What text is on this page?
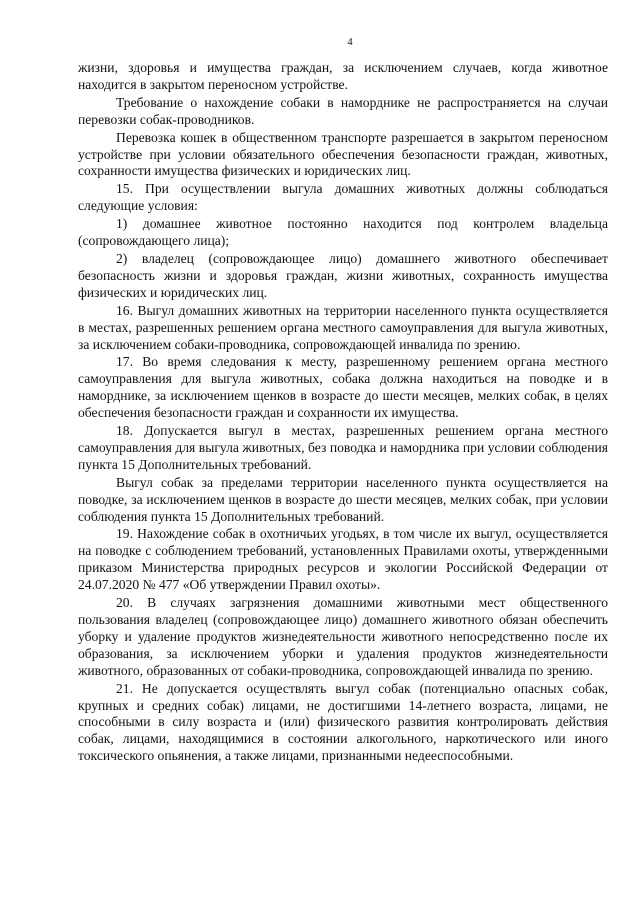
4

жизни, здоровья и имущества граждан, за исключением случаев, когда животное находится в закрытом переносном устройстве.

Требование о нахождение собаки в наморднике не распространяется на случаи перевозки собак-проводников.

Перевозка кошек в общественном транспорте разрешается в закрытом переносном устройстве при условии обязательного обеспечения безопасности граждан, животных, сохранности имущества физических и юридических лиц.

15. При осуществлении выгула домашних животных должны соблюдаться следующие условия:

1) домашнее животное постоянно находится под контролем владельца (сопровождающего лица);

2) владелец (сопровождающее лицо) домашнего животного обеспечивает безопасность жизни и здоровья граждан, жизни животных, сохранность имущества физических и юридических лиц.

16. Выгул домашних животных на территории населенного пункта осуществляется в местах, разрешенных решением органа местного самоуправления для выгула животных, за исключением собаки-проводника, сопровождающей инвалида по зрению.

17. Во время следования к месту, разрешенному решением органа местного самоуправления для выгула животных, собака должна находиться на поводке и в наморднике, за исключением щенков в возрасте до шести месяцев, мелких собак, в целях обеспечения безопасности граждан и сохранности их имущества.

18. Допускается выгул в местах, разрешенных решением органа местного самоуправления для выгула животных, без поводка и намордника при условии соблюдения пункта 15 Дополнительных требований.

Выгул собак за пределами территории населенного пункта осуществляется на поводке, за исключением щенков в возрасте до шести месяцев, мелких собак, при условии соблюдения пункта 15 Дополнительных требований.

19. Нахождение собак в охотничьих угодьях, в том числе их выгул, осуществляется на поводке с соблюдением требований, установленных Правилами охоты, утвержденными приказом Министерства природных ресурсов и экологии Российской Федерации от 24.07.2020 № 477 «Об утверждении Правил охоты».

20. В случаях загрязнения домашними животными мест общественного пользования владелец (сопровождающее лицо) домашнего животного обязан обеспечить уборку и удаление продуктов жизнедеятельности животного непосредственно после их образования, за исключением уборки и удаления продуктов жизнедеятельности животного, образованных от собаки-проводника, сопровождающей инвалида по зрению.

21. Не допускается осуществлять выгул собак (потенциально опасных собак, крупных и средних собак) лицами, не достигшими 14-летнего возраста, лицами, не способными в силу возраста и (или) физического развития контролировать действия собак, лицами, находящимися в состоянии алкогольного, наркотического или иного токсического опьянения, а также лицами, признанными недееспособными.
